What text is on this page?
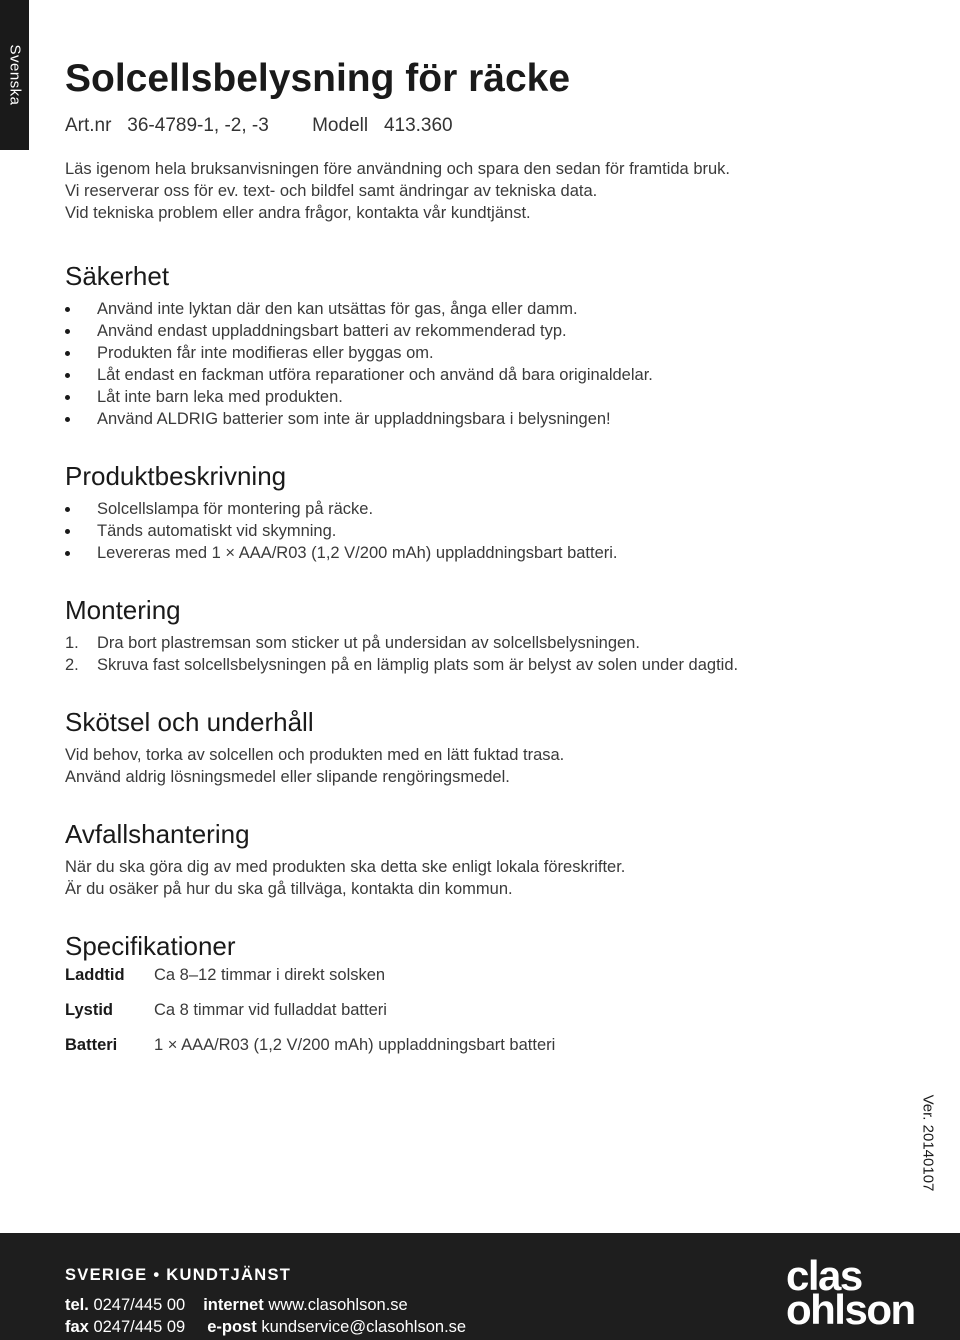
Svenska Solcellsbelysning för räcke
Art.nr 36-4789-1, -2, -3 Modell 413.360

Läs igenom hela bruksanvisningen före användning och spara den sedan för framtida bruk.

Vi reserverar oss för ev. text- och bildfel samt ändringar av tekniska data.

Vid tekniska problem eller andra frågor, kontakta vår kundtjänst.

Säkerhet
Använd inte lyktan där den kan utsättas för gas, ånga eller damm.
Använd endast uppladdningsbart batteri av rekommenderad typ.
Produkten får inte modifieras eller byggas om.
Låt endast en fackman utföra reparationer och använd då bara originaldelar.
Låt inte barn leka med produkten.
Använd ALDRIG batterier som inte är uppladdningsbara i belysningen!
Produktbeskrivning
Solcellslampa för montering på räcke.
Tänds automatiskt vid skymning.
Levereras med 1 × AAA/R03 (1,2 V/200 mAh) uppladdningsbart batteri.
Montering
1. Dra bort plastremsan som sticker ut på undersidan av solcellsbelysningen.
2. Skruva fast solcellsbelysningen på en lämplig plats som är belyst av solen under dagtid.
Skötsel och underhåll

Vid behov, torka av solcellen och produkten med en lätt fuktad trasa.

Använd aldrig lösningsmedel eller slipande rengöringsmedel.

Avfallshantering

När du ska göra dig av med produkten ska detta ske enligt lokala föreskrifter.

Är du osäker på hur du ska gå tillväga, kontakta din kommun.

Specifikationer
Laddtid	Ca 8–12 timmar i direkt solsken
Lystid	Ca 8 timmar vid fulladdat batteri
Batteri	1 × AAA/R03 (1,2 V/200 mAh) uppladdningsbart batteri
Ver. 20140107
SVERIGE • KUNDTJÄNST
tel. 0247/445 00 internet www.clasohlson.se
fax 0247/445 09 e-post kundservice@clasohlson.se
clas
ohlson
